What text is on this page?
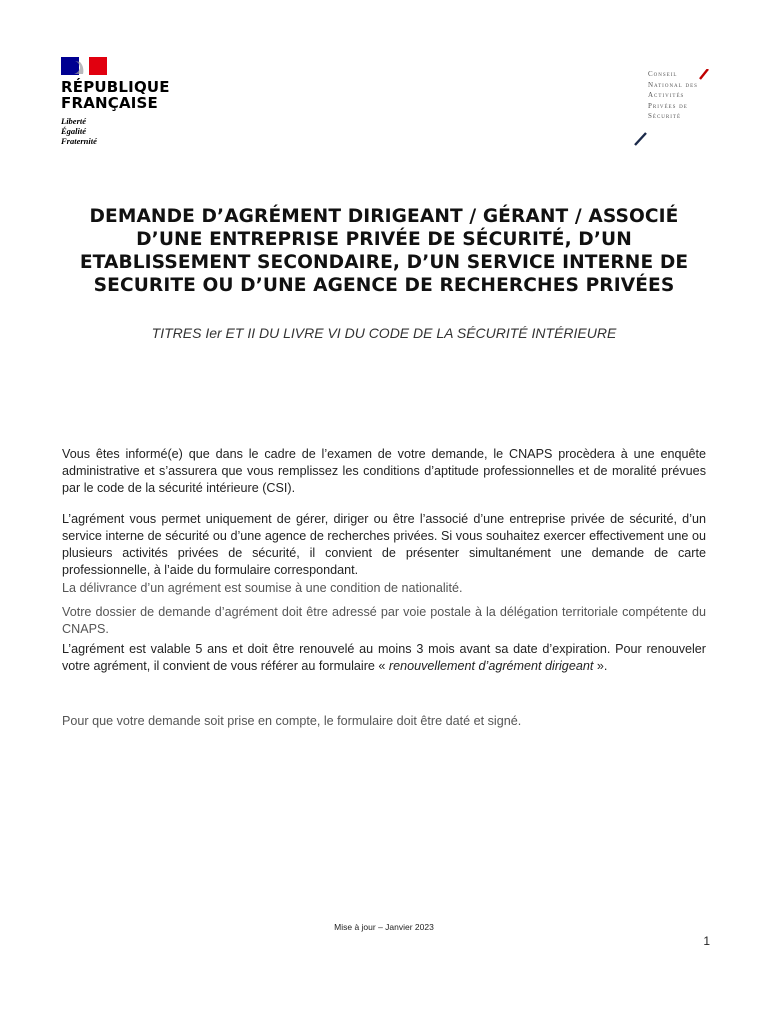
RÉPUBLIQUE
FRANÇAISE
Liberté
Égalité
Fraternité
Conseil
National des
Activités
Privées de
Sécurité
DEMANDE D’AGRÉMENT DIRIGEANT / GÉRANT / ASSOCIÉ
D’UNE ENTREPRISE PRIVÉE DE SÉCURITÉ, D’UN
ETABLISSEMENT SECONDAIRE, D’UN SERVICE INTERNE DE
SECURITE OU D’UNE AGENCE DE RECHERCHES PRIVÉES
TITRES Ier ET II DU LIVRE VI DU CODE DE LA SÉCURITÉ INTÉRIEURE
Vous êtes informé(e) que dans le cadre de l’examen de votre demande, le CNAPS procèdera à une enquête administrative et s’assurera que vous remplissez les conditions d’aptitude professionnelles et de moralité prévues par le code de la sécurité intérieure (CSI).
L’agrément vous permet uniquement de gérer, diriger ou être l’associé d’une entreprise privée de sécurité, d’un service interne de sécurité ou d’une agence de recherches privées. Si vous souhaitez exercer effectivement une ou plusieurs activités privées de sécurité, il convient de présenter simultanément une demande de carte professionnelle, à l’aide du formulaire correspondant.
La délivrance d’un agrément est soumise à une condition de nationalité.
Votre dossier de demande d’agrément doit être adressé par voie postale à la délégation territoriale compétente du CNAPS.
L’agrément est valable 5 ans et doit être renouvelé au moins 3 mois avant sa date d’expiration. Pour renouveler votre agrément, il convient de vous référer au formulaire « renouvellement d’agrément dirigeant ».
Pour que votre demande soit prise en compte, le formulaire doit être daté et signé.
Mise à jour – Janvier 2023
1
